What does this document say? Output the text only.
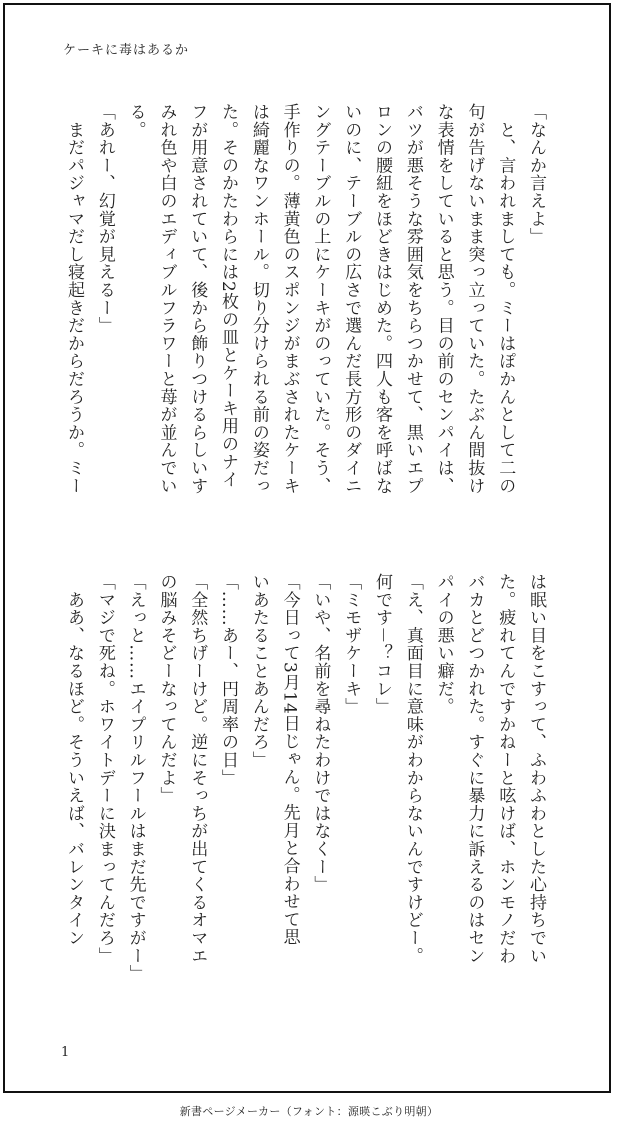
ケーキに毒はあるか
「なんか言えよ」
　と、言われましても。ミーはぽかんとして二の
句が告げないまま突っ立っていた。たぶん間抜け
な表情をしていると思う。目の前のセンパイは、
バツが悪そうな雰囲気をちらつかせて、黒いエプ
ロンの腰紐をほどきはじめた。四人も客を呼ばな
いのに、テーブルの広さで選んだ長方形のダイニ
ングテーブルの上にケーキがのっていた。そう、
手作りの。薄黄色のスポンジがまぶされたケーキ
は綺麗なワンホール。切り分けられる前の姿だっ
た。そのかたわらには2枚の皿とケーキ用のナイ
フが用意されていて、後から飾りつけるらしいす
みれ色や白のエディブルフラワーと苺が並んでい
る。
「あれー、幻覚が見えるー」
　まだパジャマだし寝起きだからだろうか。ミー
は眠い目をこすって、ふわふわとした心持ちでい
た。疲れてんですかねーと呟けば、ホンモノだわ
バカとどつかれた。すぐに暴力に訴えるのはセン
パイの悪い癖だ。
「え、真面目に意味がわからないんですけどー。
何です－？コレ」
「ミモザケーキ」
「いや、名前を尋ねたわけではなくー」
「今日って3月14日じゃん。先月と合わせて思
いあたることあんだろ」
「……あー、円周率の日」
「全然ちげーけど。逆にそっちが出てくるオマエ
の脳みそどーなってんだよ」
「えっと……エイプリルフールはまだ先ですがー」
「マジで死ね。ホワイトデーに決まってんだろ」
　ああ、なるほど。そういえば、バレンタイン
1
新書ページメーカー（フォント：源暎こぶり明朝）
